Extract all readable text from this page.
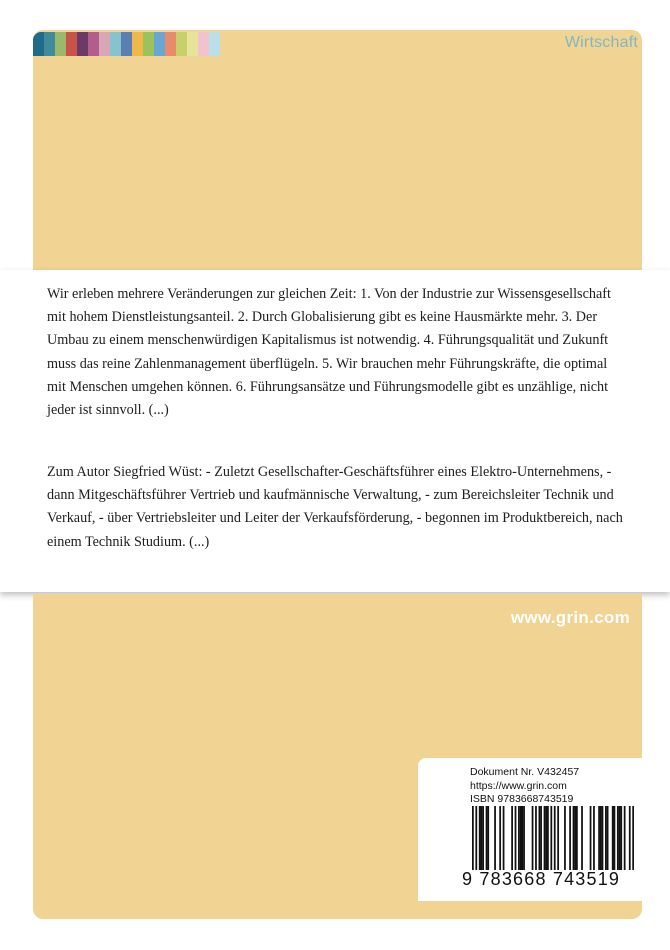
Wirtschaft

Wir erleben mehrere Veränderungen zur gleichen Zeit: 1. Von der Industrie zur Wissensgesellschaft mit hohem Dienstleistungsanteil. 2. Durch Globalisierung gibt es keine Hausmärkte mehr. 3. Der Umbau zu einem menschenwürdigen Kapitalismus ist notwendig. 4. Führungsqualität und Zukunft muss das reine Zahlenmanagement überflügeln. 5. Wir brauchen mehr Führungskräfte, die optimal mit Menschen umgehen können. 6. Führungsansätze und Führungsmodelle gibt es unzählige, nicht jeder ist sinnvoll. (...)

Zum Autor Siegfried Wüst: - Zuletzt Gesellschafter-Geschäftsführer eines Elektro-Unternehmens, - dann Mitgeschäftsführer Vertrieb und kaufmännische Verwaltung, - zum Bereichsleiter Technik und Verkauf, - über Vertriebsleiter und Leiter der Verkaufsförderung, - begonnen im Produktbereich, nach einem Technik Studium. (...)

www.grin.com
Dokument Nr. V432457
https://www.grin.com
ISBN 9783668743519
9 783668 743519
